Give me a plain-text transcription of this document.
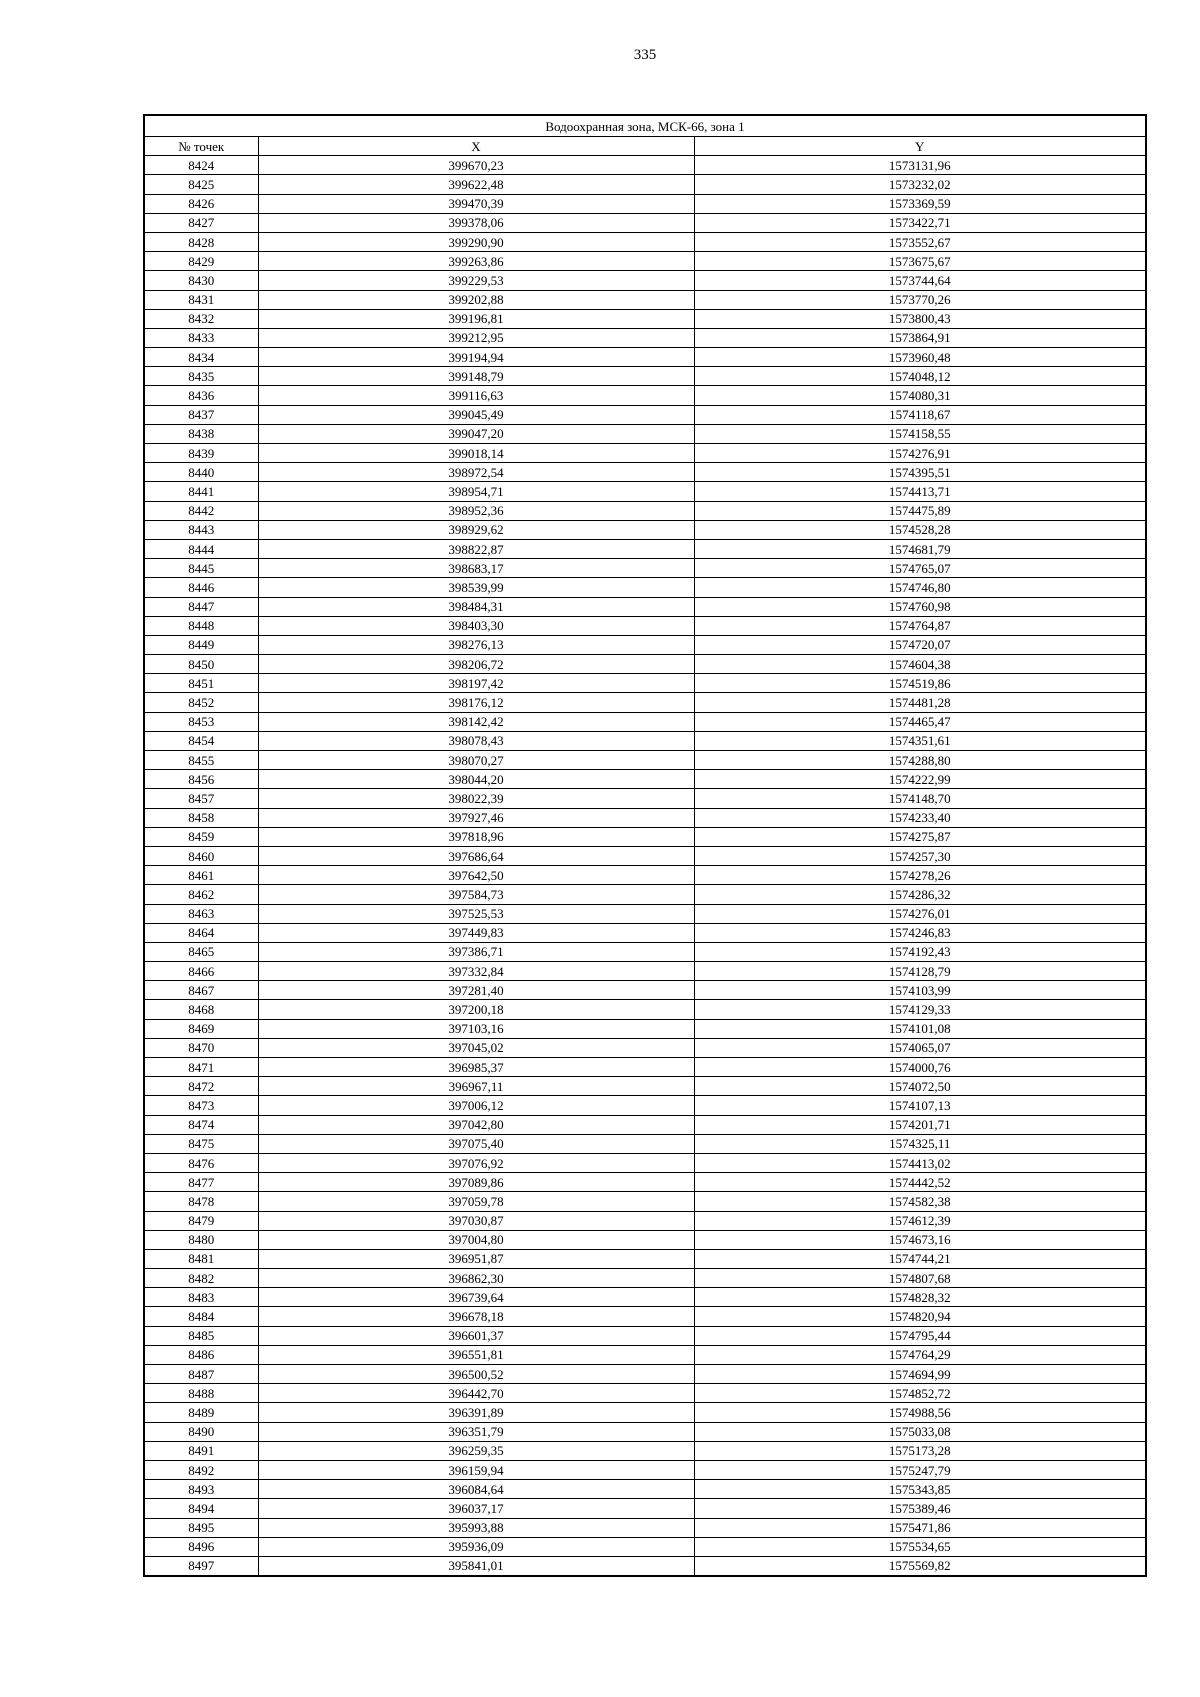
335
Водоохранная зона, МСК-66, зона 1		
№ точек	X	Y
8424	399670,23	1573131,96
8425	399622,48	1573232,02
8426	399470,39	1573369,59
8427	399378,06	1573422,71
8428	399290,90	1573552,67
8429	399263,86	1573675,67
8430	399229,53	1573744,64
8431	399202,88	1573770,26
8432	399196,81	1573800,43
8433	399212,95	1573864,91
8434	399194,94	1573960,48
8435	399148,79	1574048,12
8436	399116,63	1574080,31
8437	399045,49	1574118,67
8438	399047,20	1574158,55
8439	399018,14	1574276,91
8440	398972,54	1574395,51
8441	398954,71	1574413,71
8442	398952,36	1574475,89
8443	398929,62	1574528,28
8444	398822,87	1574681,79
8445	398683,17	1574765,07
8446	398539,99	1574746,80
8447	398484,31	1574760,98
8448	398403,30	1574764,87
8449	398276,13	1574720,07
8450	398206,72	1574604,38
8451	398197,42	1574519,86
8452	398176,12	1574481,28
8453	398142,42	1574465,47
8454	398078,43	1574351,61
8455	398070,27	1574288,80
8456	398044,20	1574222,99
8457	398022,39	1574148,70
8458	397927,46	1574233,40
8459	397818,96	1574275,87
8460	397686,64	1574257,30
8461	397642,50	1574278,26
8462	397584,73	1574286,32
8463	397525,53	1574276,01
8464	397449,83	1574246,83
8465	397386,71	1574192,43
8466	397332,84	1574128,79
8467	397281,40	1574103,99
8468	397200,18	1574129,33
8469	397103,16	1574101,08
8470	397045,02	1574065,07
8471	396985,37	1574000,76
8472	396967,11	1574072,50
8473	397006,12	1574107,13
8474	397042,80	1574201,71
8475	397075,40	1574325,11
8476	397076,92	1574413,02
8477	397089,86	1574442,52
8478	397059,78	1574582,38
8479	397030,87	1574612,39
8480	397004,80	1574673,16
8481	396951,87	1574744,21
8482	396862,30	1574807,68
8483	396739,64	1574828,32
8484	396678,18	1574820,94
8485	396601,37	1574795,44
8486	396551,81	1574764,29
8487	396500,52	1574694,99
8488	396442,70	1574852,72
8489	396391,89	1574988,56
8490	396351,79	1575033,08
8491	396259,35	1575173,28
8492	396159,94	1575247,79
8493	396084,64	1575343,85
8494	396037,17	1575389,46
8495	395993,88	1575471,86
8496	395936,09	1575534,65
8497	395841,01	1575569,82
